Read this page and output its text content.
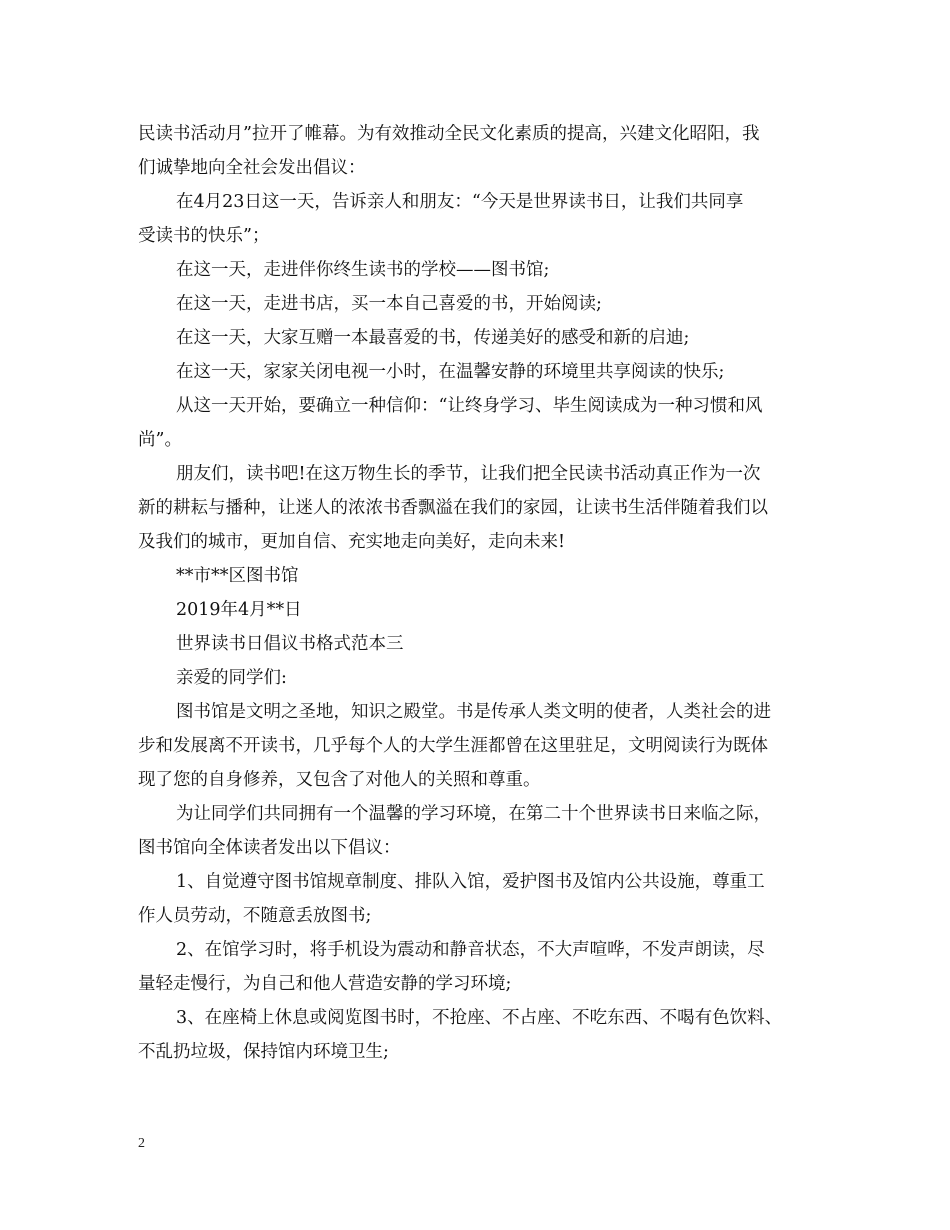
民读书活动月”拉开了帷幕。为有效推动全民文化素质的提高，兴建文化昭阳，我
们诚挚地向全社会发出倡议：
在4月23日这一天，告诉亲人和朋友：“今天是世界读书日，让我们共同享
受读书的快乐”；
在这一天，走进伴你终生读书的学校——图书馆;
在这一天，走进书店，买一本自己喜爱的书，开始阅读;
在这一天，大家互赠一本最喜爱的书，传递美好的感受和新的启迪;
在这一天，家家关闭电视一小时，在温馨安静的环境里共享阅读的快乐;
从这一天开始，要确立一种信仰：“让终身学习、毕生阅读成为一种习惯和风
尚”。
朋友们，读书吧!在这万物生长的季节，让我们把全民读书活动真正作为一次
新的耕耘与播种，让迷人的浓浓书香飘溢在我们的家园，让读书生活伴随着我们以
及我们的城市，更加自信、充实地走向美好，走向未来!
**市**区图书馆
2019年4月**日
世界读书日倡议书格式范本三
亲爱的同学们:
图书馆是文明之圣地，知识之殿堂。书是传承人类文明的使者，人类社会的进
步和发展离不开读书，几乎每个人的大学生涯都曾在这里驻足，文明阅读行为既体
现了您的自身修养，又包含了对他人的关照和尊重。
为让同学们共同拥有一个温馨的学习环境，在第二十个世界读书日来临之际，
图书馆向全体读者发出以下倡议：
1、自觉遵守图书馆规章制度、排队入馆，爱护图书及馆内公共设施，尊重工
作人员劳动，不随意丢放图书;
2、在馆学习时，将手机设为震动和静音状态，不大声喧哗，不发声朗读，尽
量轻走慢行，为自己和他人营造安静的学习环境;
3、在座椅上休息或阅览图书时，不抢座、不占座、不吃东西、不喝有色饮料、
不乱扔垃圾，保持馆内环境卫生;
2
